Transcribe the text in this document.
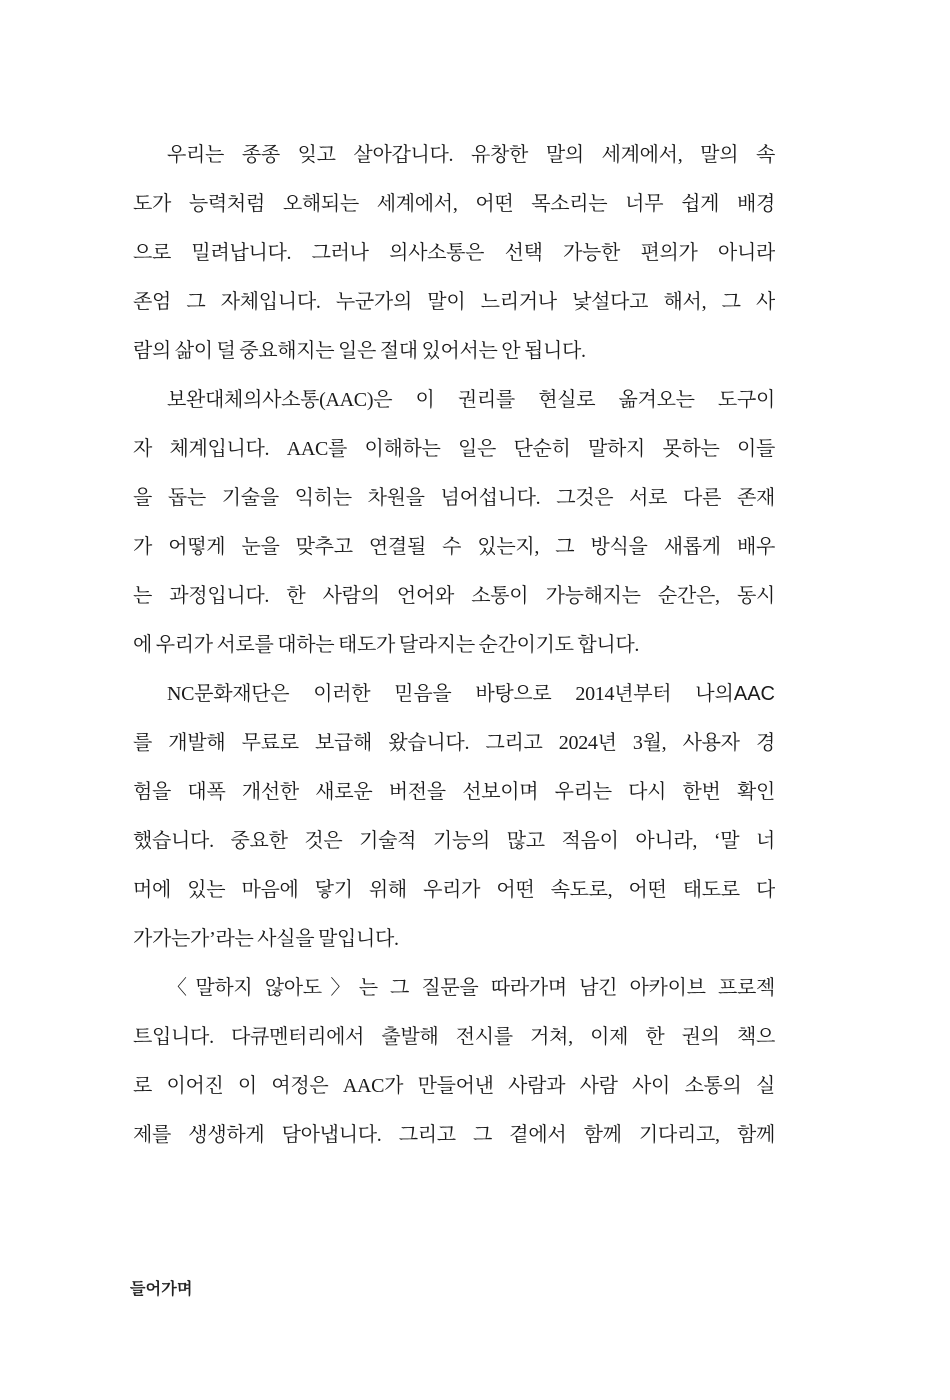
우리는 종종 잊고 살아갑니다. 유창한 말의 세계에서, 말의 속
도가 능력처럼 오해되는 세계에서, 어떤 목소리는 너무 쉽게 배경
으로 밀려납니다. 그러나 의사소통은 선택 가능한 편의가 아니라
존엄 그 자체입니다. 누군가의 말이 느리거나 낯설다고 해서, 그 사
람의 삶이 덜 중요해지는 일은 절대 있어서는 안 됩니다.
보완대체의사소통(AAC)은 이 권리를 현실로 옮겨오는 도구이
자 체계입니다. AAC를 이해하는 일은 단순히 말하지 못하는 이들
을 돕는 기술을 익히는 차원을 넘어섭니다. 그것은 서로 다른 존재
가 어떻게 눈을 맞추고 연결될 수 있는지, 그 방식을 새롭게 배우
는 과정입니다. 한 사람의 언어와 소통이 가능해지는 순간은, 동시
에 우리가 서로를 대하는 태도가 달라지는 순간이기도 합니다.
NC문화재단은 이러한 믿음을 바탕으로 2014년부터 나의AAC
를 개발해 무료로 보급해 왔습니다. 그리고 2024년 3월, 사용자 경
험을 대폭 개선한 새로운 버전을 선보이며 우리는 다시 한번 확인
했습니다. 중요한 것은 기술적 기능의 많고 적음이 아니라, ‘말 너
머에 있는 마음에 닿기 위해 우리가 어떤 속도로, 어떤 태도로 다
가가는가’라는 사실을 말입니다.
〈말하지 않아도〉는 그 질문을 따라가며 남긴 아카이브 프로젝
트입니다. 다큐멘터리에서 출발해 전시를 거쳐, 이제 한 권의 책으
로 이어진 이 여정은 AAC가 만들어낸 사람과 사람 사이 소통의 실
제를 생생하게 담아냅니다. 그리고 그 곁에서 함께 기다리고, 함께
들어가며
